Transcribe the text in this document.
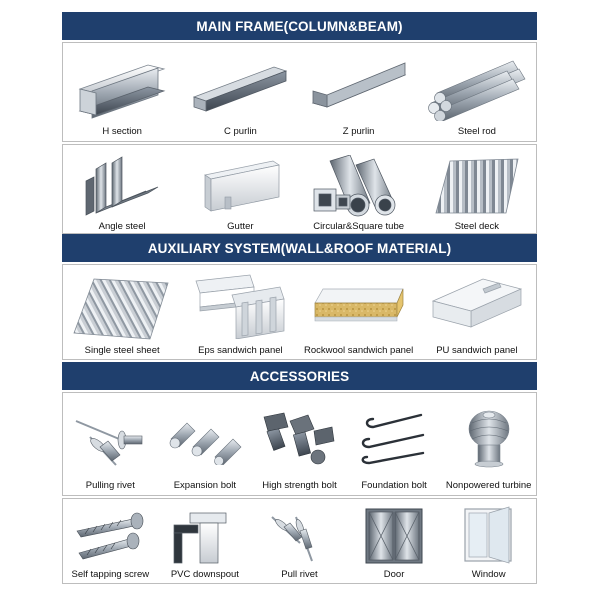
MAIN FRAME(COLUMN&BEAM)
H section	C purlin	Z purlin	Steel rod
Angle steel	Gutter	Circular&Square tube	Steel deck
AUXILIARY SYSTEM(WALL&ROOF MATERIAL)
Single steel sheet	Eps sandwich panel	Rockwool sandwich panel	PU sandwich panel
ACCESSORIES
Pulling rivet	Expansion bolt	High strength bolt	Foundation bolt	Nonpowered turbine
Self tapping screw	PVC downspout	Pull rivet	Door	Window
